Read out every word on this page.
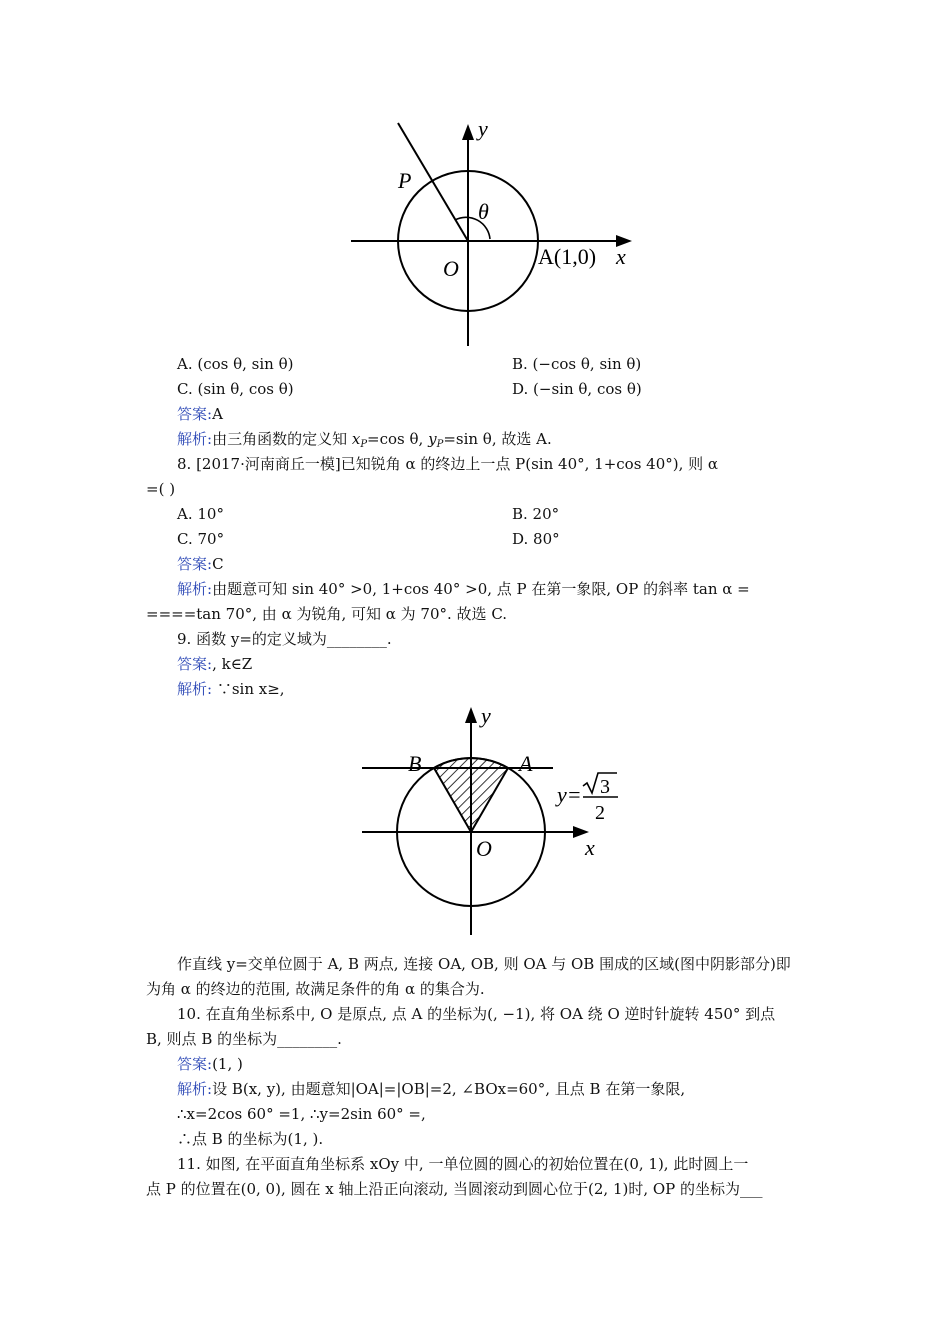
y
x
P
θ
O	A(1,0)
A. (cos θ, sin θ)	B. (−cos θ, sin θ)
C. (sin θ, cos θ)	D. (−sin θ, cos θ)
答案:A
解析:由三角函数的定义知 $x_P=\cos$ θ, $y_P=\sin$ θ, 故选 A.
8. [2017·河南商丘一模]已知锐角 α 的终边上一点 P(sin 40°, 1+cos 40°), 则 α
=( )
A. 10°	B. 20°
C. 70°	D. 80°
答案:C
解析:由题意可知 sin 40° >0, 1+cos 40° >0, 点 P 在第一象限, OP 的斜率 tan α =
====tan 70°, 由 α 为锐角, 可知 α 为 70°. 故选 C.
9. 函数 y=的定义域为________.
答案:, k∈Z
解析: ∵sin x≥,
y
x
B	A
O
y= 3
2
作直线 y=交单位圆于 A, B 两点, 连接 OA, OB, 则 OA 与 OB 围成的区域(图中阴影部分)即
为角 α 的终边的范围, 故满足条件的角 α 的集合为.
10. 在直角坐标系中, O 是原点, 点 A 的坐标为(, −1), 将 OA 绕 O 逆时针旋转 450° 到点
B, 则点 B 的坐标为________.
答案:(1, )
解析:设 B(x, y), 由题意知|OA|=|OB|=2, ∠BOx=60°, 且点 B 在第一象限,
∴x=2cos 60° =1, ∴y=2sin 60° =,
∴点 B 的坐标为(1, ).
11. 如图, 在平面直角坐标系 xOy 中, 一单位圆的圆心的初始位置在(0, 1), 此时圆上一
点 P 的位置在(0, 0), 圆在 x 轴上沿正向滚动, 当圆滚动到圆心位于(2, 1)时, OP 的坐标为___
